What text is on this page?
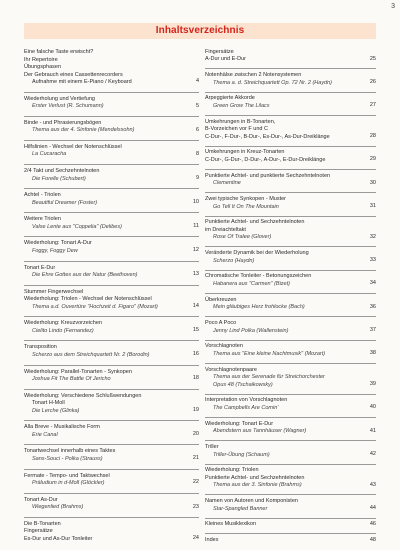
3
Inhaltsverzeichnis
Eine falsche Taste erwischt?
Ihr Repertoire
Übungsphasen
Der Gebrauch eines Cassettenrecorders
Aufnahme mit einem E-Piano / Keyboard	4
Wiederholung und Vertiefung
Erster Verlust (R. Schumann)	5
Binde - und Phrasierungsbögen
Thema aus der 4. Sinfonie (Mendelssohn)	6
Hilfslinien - Wechsel der Notenschlüssel
La Cucaracha	8
2/4 Takt und Sechzehntelnoten
Die Forelle (Schubert)	9
Achtel - Triolen
Beautiful Dreamer (Foster)	10
Weitere Triolen
Valse Lente aus "Coppelia" (Delibes)	11
Wiederholung: Tonart A-Dur
Foggy, Foggy Dew	12
Tonart E-Dur
Die Ehre Gottes aus der Natur (Beethoven)	13
Stummer Fingerwechsel
Wiederholung: Triolen - Wechsel der Notenschlüssel
Thema a.d. Ouvertüre "Hochzeit d. Figaro" (Mozart)	14
Wiederholung: Kreuzvorzeichen
Cielito Lindo (Fernandez)	15
Transposition
Scherzo aus dem Streichquartett Nr. 2 (Borodin)	16
Wiederholung: Parallel-Tonarten - Synkopen
Joshua Fit The Battle Of Jericho	18
Wiederholung: Verschiedene Schlußwendungen
Tonart H-Moll
Die Lerche (Glinka)	19
Alla Breve - Musikalische Form
Erie Canal	20
Tonartwechsel innerhalb eines Taktes
Sans-Souci - Polka (Strauss)	21
Fermate - Tempo- und Taktwechsel
Präludium in d-Moll (Glöckler)	22
Tonart As-Dur
Wiegenlied (Brahms)	23
Die B-Tonarten
Fingersätze
Es-Dur und As-Dur Tonleiter	24
Fingersätze
A-Dur und E-Dur	25
Notenhälse zwischen 2 Notensystemen
Thema a. d. Streichquartett Op. 72 Nr. 2 (Haydn)	26
Arpeggierte Akkorde
Green Grow The Lilacs	27
Umkehrungen in B-Tonarten,
B-Vorzeichen vor F und C
C-Dur-, F-Dur-, B-Dur-, Es-Dur-, As-Dur-Dreiklänge	28
Umkehrungen in Kreuz-Tonarten
C-Dur-, G-Dur-, D-Dur-, A-Dur-, E-Dur-Dreiklänge	29
Punktierte Achtel- und punktierte Sechzehntelnoten
Clementine	30
Zwei typische Synkopen - Muster
Go Tell It On The Mountain	31
Punktierte Achtel- und Sechzehntelnoten
im Dreiachteltakt
Rose Of Tralee (Glover)	32
Veränderte Dynamik bei der Wiederholung
Scherzo (Haydn)	33
Chromatische Tonleiter - Betonungszeichen
Habanera aus "Carmen" (Bizet)	34
Überkreuzen
Mein gläubiges Herz frohlocke (Bach)	36
Poco A Poco
Jenny Lind Polka (Wallenstein)	37
Vorschlagnoten
Thema aus "Eine kleine Nachtmusik" (Mozart)	38
Vorschlagnotenpaare
Thema aus der Serenade für Streichorchester
Opus 48 (Tschaikowsky)	39
Interpretation von Vorschlagnoten
The Campbells Are Comin'	40
Wiederholung: Tonart E-Dur
Abendstern aus Tannhäuser (Wagner)	41
Triller
Triller-Übung (Schaum)	42
Wiederholung: Triolen
Punktierte Achtel- und Sechzehntelnoten
Thema aus der 3. Sinfonie (Brahms)	43
Namen von Autoren und Komponisten
Star-Spangled Banner	44
Kleines Musiklexikon	46
Index	48
